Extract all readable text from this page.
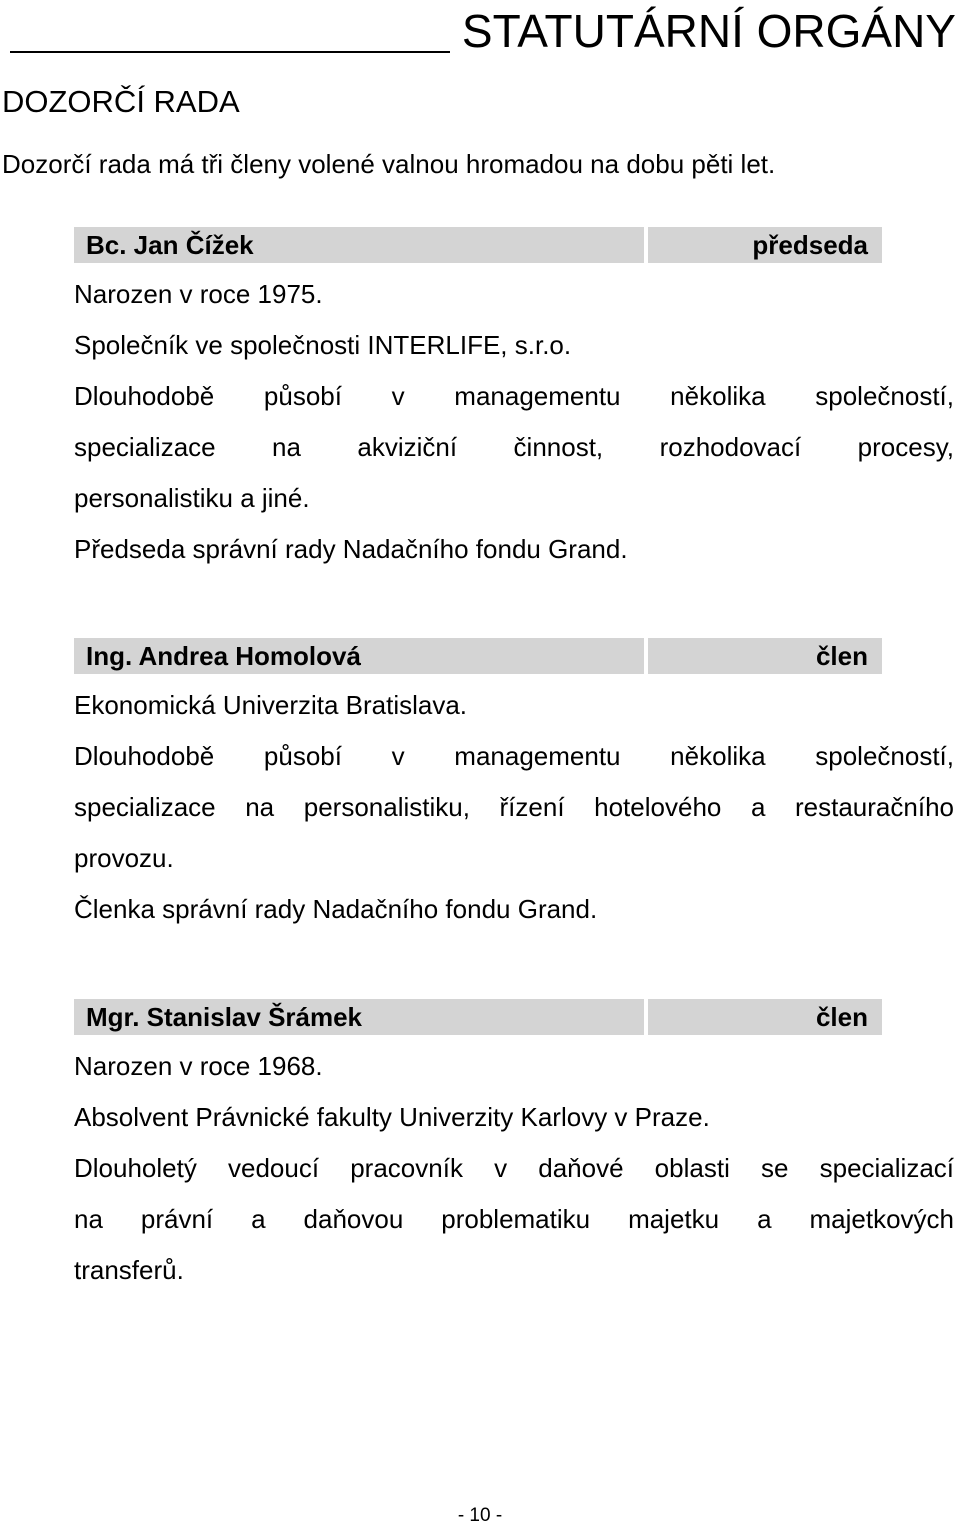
STATUTÁRNÍ ORGÁNY
DOZORČÍ RADA
Dozorčí rada má tři členy volené valnou hromadou na dobu pěti let.
Bc. Jan Čížek	předseda
Narozen v roce 1975.
Společník ve společnosti INTERLIFE, s.r.o.
Dlouhodobě působí v managementu několika společností,
specializace na akviziční činnost, rozhodovací procesy,
personalistiku a jiné.
Předseda správní rady Nadačního fondu Grand.
Ing. Andrea Homolová	člen
Ekonomická Univerzita Bratislava.
Dlouhodobě působí v managementu několika společností,
specializace na personalistiku, řízení hotelového a restauračního
provozu.
Členka správní rady Nadačního fondu Grand.
Mgr. Stanislav Šrámek	člen
Narozen v roce 1968.
Absolvent Právnické fakulty Univerzity Karlovy v Praze.
Dlouholetý vedoucí pracovník v daňové oblasti se specializací
na právní a daňovou problematiku majetku a majetkových
transferů.
- 10 -
